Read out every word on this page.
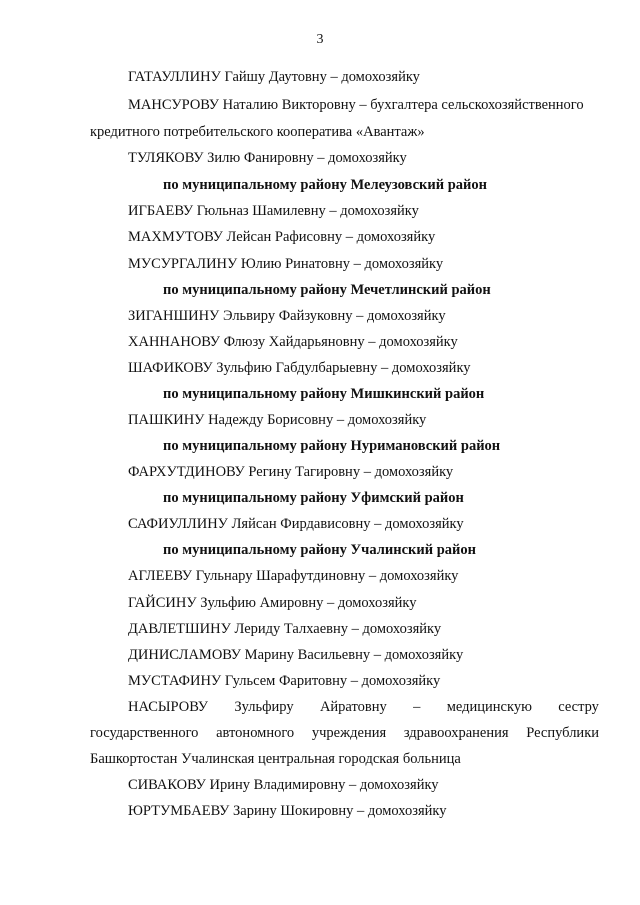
3
ГАТАУЛЛИНУ Гайшу Даутовну – домохозяйку
МАНСУРОВУ Наталию Викторовну – бухгалтера сельскохозяйственного
кредитного потребительского кооператива «Авантаж»
ТУЛЯКОВУ Зилю Фанировну – домохозяйку
по муниципальному району Мелеузовский район
ИГБАЕВУ Гюльназ Шамилевну – домохозяйку
МАХМУТОВУ Лейсан Рафисовну – домохозяйку
МУСУРГАЛИНУ Юлию Ринатовну – домохозяйку
по муниципальному району Мечетлинский район
ЗИГАНШИНУ Эльвиру Файзуковну – домохозяйку
ХАННАНОВУ Флюзу Хайдарьяновну – домохозяйку
ШАФИКОВУ Зульфию Габдулбарыевну – домохозяйку
по муниципальному району Мишкинский район
ПАШКИНУ Надежду Борисовну – домохозяйку
по муниципальному району Нуримановский район
ФАРХУТДИНОВУ Регину Тагировну – домохозяйку
по муниципальному району Уфимский район
САФИУЛЛИНУ Ляйсан Фирдависовну – домохозяйку
по муниципальному району Учалинский район
АГЛЕЕВУ Гульнару Шарафутдиновну – домохозяйку
ГАЙСИНУ Зульфию Амировну – домохозяйку
ДАВЛЕТШИНУ Лериду Талхаевну – домохозяйку
ДИНИСЛАМОВУ Марину Васильевну – домохозяйку
МУСТАФИНУ Гульсем Фаритовну – домохозяйку
НАСЫРОВУ Зульфиру Айратовну – медицинскую сестру
государственного автономного учреждения здравоохранения Республики
Башкортостан Учалинская центральная городская больница
СИВАКОВУ Ирину Владимировну – домохозяйку
ЮРТУМБАЕВУ Зарину Шокировну – домохозяйку
